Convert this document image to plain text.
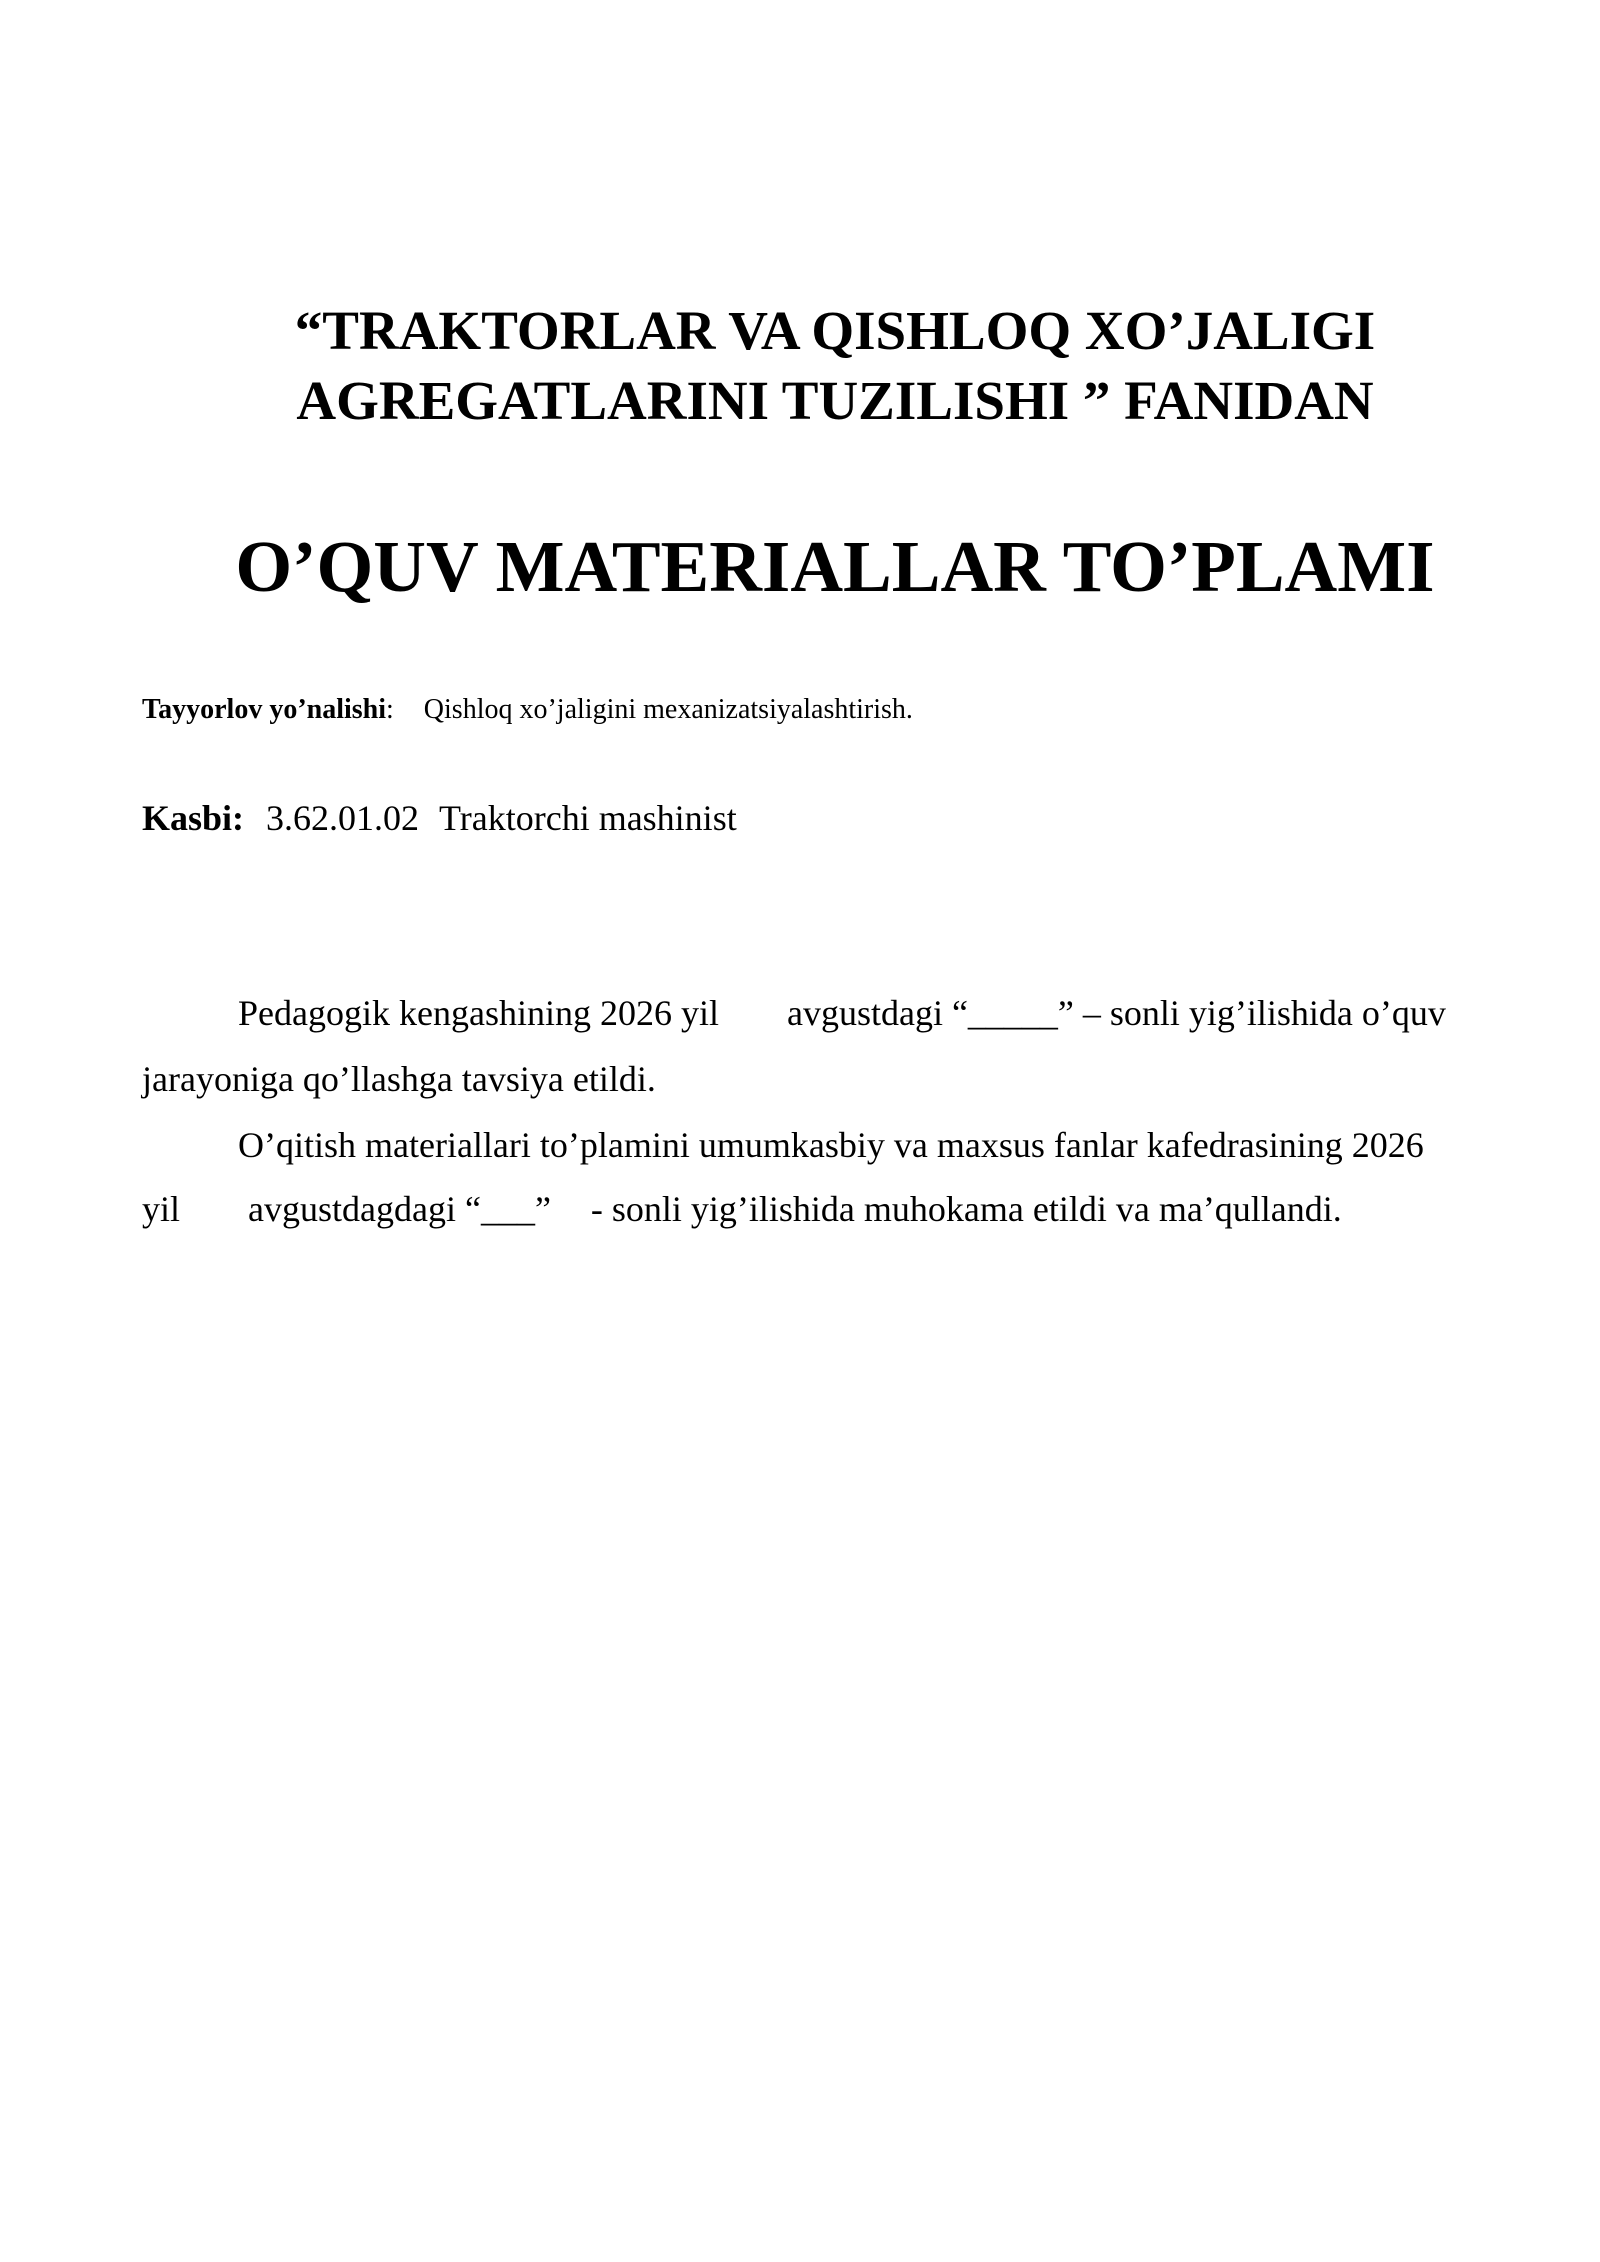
“TRAKTORLAR VA QISHLOQ XO’JALIGI
AGREGATLARINI TUZILISHI ” FANIDAN
O’QUV MATERIALLAR TO’PLAMI
Tayyorlov yo’nalishi: Qishloq xo’jaligini mexanizatsiyalashtirish.
Kasbi: 3.62.01.02 Traktorchi mashinist
Pedagogik kengashining 2026 yil avgustdagi “_____” – sonli yig’ilishida o’quv
jarayoniga qo’llashga tavsiya etildi.
O’qitish materiallari to’plamini umumkasbiy va maxsus fanlar kafedrasining 2026
yil avgustdagdagi “___” - sonli yig’ilishida muhokama etildi va ma’qullandi.
